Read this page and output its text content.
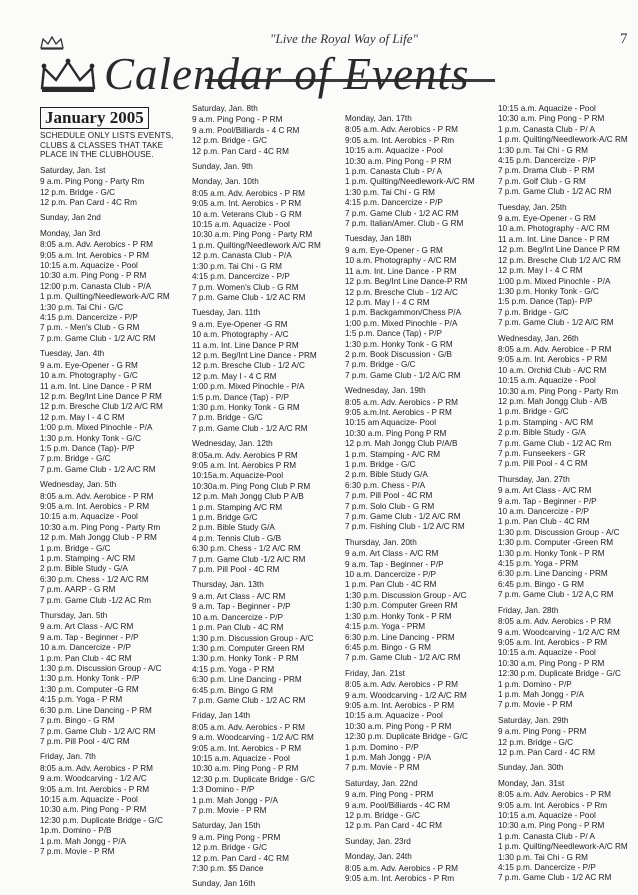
"Live the Royal Way of Life"	7
Calendar of Events
January 2005
SCHEDULE ONLY LISTS EVENTS,
CLUBS & CLASSES THAT TAKE
PLACE IN THE CLUBHOUSE.
Saturday, Jan. 1st
9 a.m. Ping Pong - Party Rm
12 p.m. Bridge - G/C
12 p.m. Pan Card - 4C Rm
Sunday, Jan 2nd
Monday, Jan 3rd
8:05 a.m. Adv. Aerobics - P RM
9:05 a.m. Int. Aerobics - P RM
10:15 a.m. Aquacize - Pool
10:30 a.m. Ping Pong - P RM
12:00 p.m. Canasta Club - P/A
1 p.m. Quilting/Needlework-A/C RM
1:30 p.m. Tai Chi - G/C
4:15 p.m. Dancercize - P/P
7 p.m. - Men's Club - G RM
7 p.m. Game Club - 1/2 A/C RM
Tuesday, Jan. 4th
9 a.m. Eye-Opener - G RM
10 a.m. Photography - G/C
11 a.m. Int. Line Dance - P RM
12 p.m. Beg/Int Line Dance P RM
12 p.m. Bresche Club 1/2 A/C RM
12 p.m. May I - 4 C RM
1:00 p.m. Mixed Pinochle - P/A
1:30 p.m. Honky Tonk - G/C
1:5 p.m. Dance (Tap)- P/P
7 p.m. Bridge - G/C
7 p.m. Game Club - 1/2 A/C RM
Wednesday, Jan. 5th
8:05 a.m. Adv. Aerobice - P RM
9:05 a.m. Int. Aerobics - P RM
10:15 a.m. Aquacize - Pool
10:30 a.m. Ping Pong - Party Rm
12 p.m. Mah Jongg Club - P RM
1 p.m. Bridge - G/C
1 p.m. Stamping - A/C RM
2 p.m. Bible Study - G/A
6:30 p.m. Chess - 1/2 A/C RM
7 p.m. AARP - G RM
7 p.m. Game Club -1/2 AC Rm
Thursday, Jan. 5th
9 a.m. Art Class - A/C RM
9 a.m. Tap - Beginner - P/P
10 a.m. Dancercize - P/P
1 p.m. Pan Club - 4C RM
1:30 p.m. Discussion Group - A/C
1:30 p.m. Honky Tonk - P/P
1:30 p.m. Computer -G RM
4:15 p.m. Yoga - P RM
6:30 p.m. Line Dancing - P RM
7 p.m. Bingo - G RM
7 p.m. Game Club - 1/2 A/C RM
7 p.m. Pill Pool - 4/C RM
Friday, Jan. 7th
8:05 a.m. Adv. Aerobics - P RM
9 a.m. Woodcarving - 1/2 A/C
9:05 a.m. Int. Aerobics - P RM
10:15 a.m. Aquacize - Pool
10:30 a.m. Ping Pong - P RM
12:30 p.m. Duplicate Bridge - G/C
1p.m. Domino - P/B
1 p.m. Mah Jongg - P/A
7 p.m. Movie - P RM
Saturday, Jan. 8th
9 a.m. Ping Pong - P RM
9 a.m. Pool/Billiards - 4 C RM
12 p.m. Bridge - G/C
12 p.m. Pan Card - 4C RM
Sunday, Jan. 9th
Monday, Jan. 10th
8:05 a.m. Adv. Aerobics - P RM
9:05 a.m. Int. Aerobics - P RM
10 a.m. Veterans Club - G RM
10:15 a.m. Aquacize - Pool
10:30 a.m. Ping Pong - Party RM
1 p.m. Quilting/Needlework A/C RM
12 p.m. Canasta Club - P/A
1:30 p.m. Tai Chi - G RM
4:15 p.m. Dancercize - P/P
7 p.m. Women's Club - G RM
7 p.m. Game Club - 1/2 AC RM
Tuesday, Jan. 11th
9 a.m. Eye-Opener -G RM
10 a.m. Photography - A/C
11 a.m. Int. Line Dance P RM
12 p.m. Beg/Int Line Dance - PRM
12 p.m. Bresche Club - 1/2 A/C
12 p.m. May I - 4 C RM
1:00 p.m. Mixed Pinochle - P/A
1:5 p.m. Dance (Tap) - P/P
1:30 p.m. Honky Tonk - G RM
7 p.m. Bridge - G/C
7 p.m. Game Club - 1/2 A/C RM
Wednesday, Jan. 12th
8:05a.m. Adv. Aerobics P RM
9:05 a.m. Int. Aerobics P RM
10:15a.m. Aquacize-Pool
10:30a.m. Ping Pong Club P RM
12 p.m. Mah Jongg Club P A/B
1 p.m. Stamping A/C RM
1 p.m. Bridge G/C
2 p.m. Bible Study G/A
4 p.m. Tennis Club - G/B
6:30 p.m. Chess - 1/2 A/C RM
7 p.m. Game Club -1/2 A/C RM
7 p.m. Pill Pool - 4C RM
Thursday, Jan. 13th
9 a.m. Art Class - A/C RM
9 a.m. Tap - Beginner - P/P
10 a.m. Dancercize - P/P
1 p.m. Pan Club - 4C RM
1:30 p.m. Discussion Group - A/C
1:30 p.m. Computer Green RM
1:30 p.m. Honky Tonk - P RM
4:15 p.m. Yoga - P RM
6:30 p.m. Line Dancing - PRM
6:45 p.m. Bingo G RM
7 p.m. Game Club - 1/2 AC RM
Friday, Jan 14th
8:05 a.m. Adv. Aerobics - P RM
9 a.m. Woodcarving - 1/2 A/C RM
9:05 a.m. Int. Aerobics - P RM
10:15 a.m. Aquacize - Pool
10:30 a.m. Ping Pong - P RM
12:30 p.m. Duplicate Bridge - G/C
1:3 Domino - P/P
1 p.m. Mah Jongg - P/A
7 p.m. Movie - P RM
Saturday, Jan 15th
9 a.m. Ping Pong - PRM
12 p.m. Bridge - G/C
12 p.m. Pan Card - 4C RM
7:30 p.m. $5 Dance
Sunday, Jan 16th
Monday, Jan. 17th
8:05 a.m. Adv. Aerobics - P RM
9:05 a.m. Int. Aerobics - P Rm
10:15 a.m. Aquacize - Pool
10:30 a.m. Ping Pong - P RM
1 p.m. Canasta Club - P/ A
1 p.m. Quilting/Needlework-A/C RM
1:30 p.m. Tai Chi - G RM
4:15 p.m. Dancercize - P/P
7 p.m. Game Club - 1/2 AC RM
7 p.m. Italian/Amer. Club - G RM
Tuesday, Jan 18th
9 a.m. Eye-Opener - G RM
10 a.m. Photography - A/C RM
11 a.m. Int. Line Dance - P RM
12 p.m. Beg/Int Line Dance-P RM
12 p.m. Bresche Club - 1/2 A/C
12 p.m. May I - 4 C RM
1 p.m. Backgammon/Chess P/A
1:00 p.m. Mixed Pinochle - P/A
1:5 p.m. Dance (Tap) - P/P
1:30 p.m. Honky Tonk - G RM
2 p.m. Book Discussion - G/B
7 p.m. Bridge - G/C
7 p.m. Game Club - 1/2 A/C RM
Wednesday, Jan. 19th
8:05 a.m. Adv. Aerobics - P RM
9:05 a.m.Int. Aerobics - P RM
10:15 am Aquacize- Pool
10:30 a.m. Ping Pong P RM
12 p.m. Mah Jongg Club P/A/B
1 p.m. Stamping - A/C RM
1 p.m. Bridge - G/C
2 p.m. Bible Study G/A
6:30 p.m. Chess - P/A
7 p.m. Pill Pool - 4C RM
7 p.m. Solo Club - G RM
7 p.m. Game Club - 1/2 A/C RM
7 p.m. Fishing Club - 1/2 A/C RM
Thursday, Jan. 20th
9 a.m. Art Class - A/C RM
9 a.m. Tap - Beginner - P/P
10 a.m. Dancercize - P/P
1 p.m. Pan Club - 4C RM
1:30 p.m. Discussion Group - A/C
1:30 p.m. Computer Green RM
1:30 p.m. Honky Tonk - P RM
4:15 p.m. Yoga - PRM
6:30 p.m. Line Dancing - PRM
6:45 p.m. Bingo - G RM
7 p.m. Game Club - 1/2 A/C RM
Friday, Jan. 21st
8:05 a.m. Adv. Aerobics - P RM
9 a.m. Woodcarving - 1/2 A/C RM
9:05 a.m. Int. Aerobics - P RM
10:15 a.m. Aquacize - Pool
10:30 a.m. Ping Pong - P RM
12:30 p.m. Duplicate Bridge - G/C
1 p.m. Domino - P/P
1 p.m. Mah Jongg - P/A
7 p.m. Movie - P RM
Saturday, Jan. 22nd
9 a.m. Ping Pong - PRM
9 a.m. Pool/Billiards - 4C RM
12 p.m. Bridge - G/C
12 p.m. Pan Card - 4C RM
Sunday, Jan. 23rd
Monday, Jan. 24th
8:05 a.m. Adv. Aerobics - P RM
9:05 a.m. Int. Aerobics - P Rm
10:15 a.m. Aquacize - Pool
10:30 a.m. Ping Pong - P RM
1 p.m. Canasta Club - P/ A
1 p.m. Quilting/Needlework-A/C RM
1:30 p.m. Tai Chi - G RM
4:15 p.m. Dancercize - P/P
7 p.m. Drama Club - P RM
7 p.m. Golf Club - G RM
7 p.m. Game Club - 1/2 AC RM
Tuesday, Jan. 25th
9 a.m. Eye-Opener - G RM
10 a.m. Photography - A/C RM
11 a.m. Int. Line Dance - P RM
12 p.m. Beg/Int Line Dance P RM
12 p.m. Bresche Club 1/2 A/C RM
12 p.m. May I - 4 C RM
1:00 p.m. Mixed Pinochle - P/A
1:30 p.m. Honky Tonk - G/C
1:5 p.m. Dance (Tap)- P/P
7 p.m. Bridge - G/C
7 p.m. Game Club - 1/2 A/C RM
Wednesday, Jan. 26th
8:05 a.m. Adv. Aerobice - P RM
9:05 a.m. Int. Aerobics - P RM
10 a.m. Orchid Club - A/C RM
10:15 a.m. Aquacize - Pool
10:30 a.m. Ping Pong - Party Rm
12 p.m. Mah Jongg Club - A/B
1 p.m. Bridge - G/C
1 p.m. Stamping - A/C RM
2 p.m. Bible Study - G/A
7 p.m. Game Club - 1/2 AC Rm
7 p.m. Funseekers - GR
7 p.m. Pill Pool - 4 C RM
Thursday, Jan. 27th
9 a.m. Art Class - A/C RM
9 a.m. Tap - Beginner - P/P
10 a.m. Dancercize - P/P
1 p.m. Pan Club - 4C RM
1:30 p.m. Discussion Group - A/C
1:30 p.m. Computer -Green RM
1:30 p.m. Honky Tonk - P RM
4:15 p.m. Yoga - PRM
6:30 p.m. Line Dancing - PRM
6:45 p.m. Bingo - G RM
7 p.m. Game Club - 1/2 A,C RM
Friday, Jan. 28th
8:05 a.m. Adv. Aerobics - P RM
9 a.m. Woodcarving - 1/2 A/C RM
9:05 a.m. Int. Aerobics - P RM
10:15 a.m. Aquacize - Pool
10:30 a.m. Ping Pong - P RM
12:30 p.m. Duplicate Bridge - G/C
1 p.m. Domino - P/P
1 p.m. Mah Jongg - P/A
7 p.m. Movie - P RM
Saturday, Jan. 29th
9 a.m. Ping Pong - PRM
12 p.m. Bridge - G/C
12 p.m. Pan Card - 4C RM
Sunday, Jan. 30th
Monday, Jan. 31st
8:05 a.m. Adv. Aerobics - P RM
9:05 a.m. Int. Aerobics - P Rm
10:15 a.m. Aquacize - Pool
10:30 a.m. Ping Pong - P RM
1 p.m. Canasta Club - P/ A
1 p.m. Quilting/Needlework-A/C RM
1:30 p.m. Tai Chi - G RM
4:15 p.m. Dancercize - P/P
7 p.m. Game Club - 1/2 AC RM
